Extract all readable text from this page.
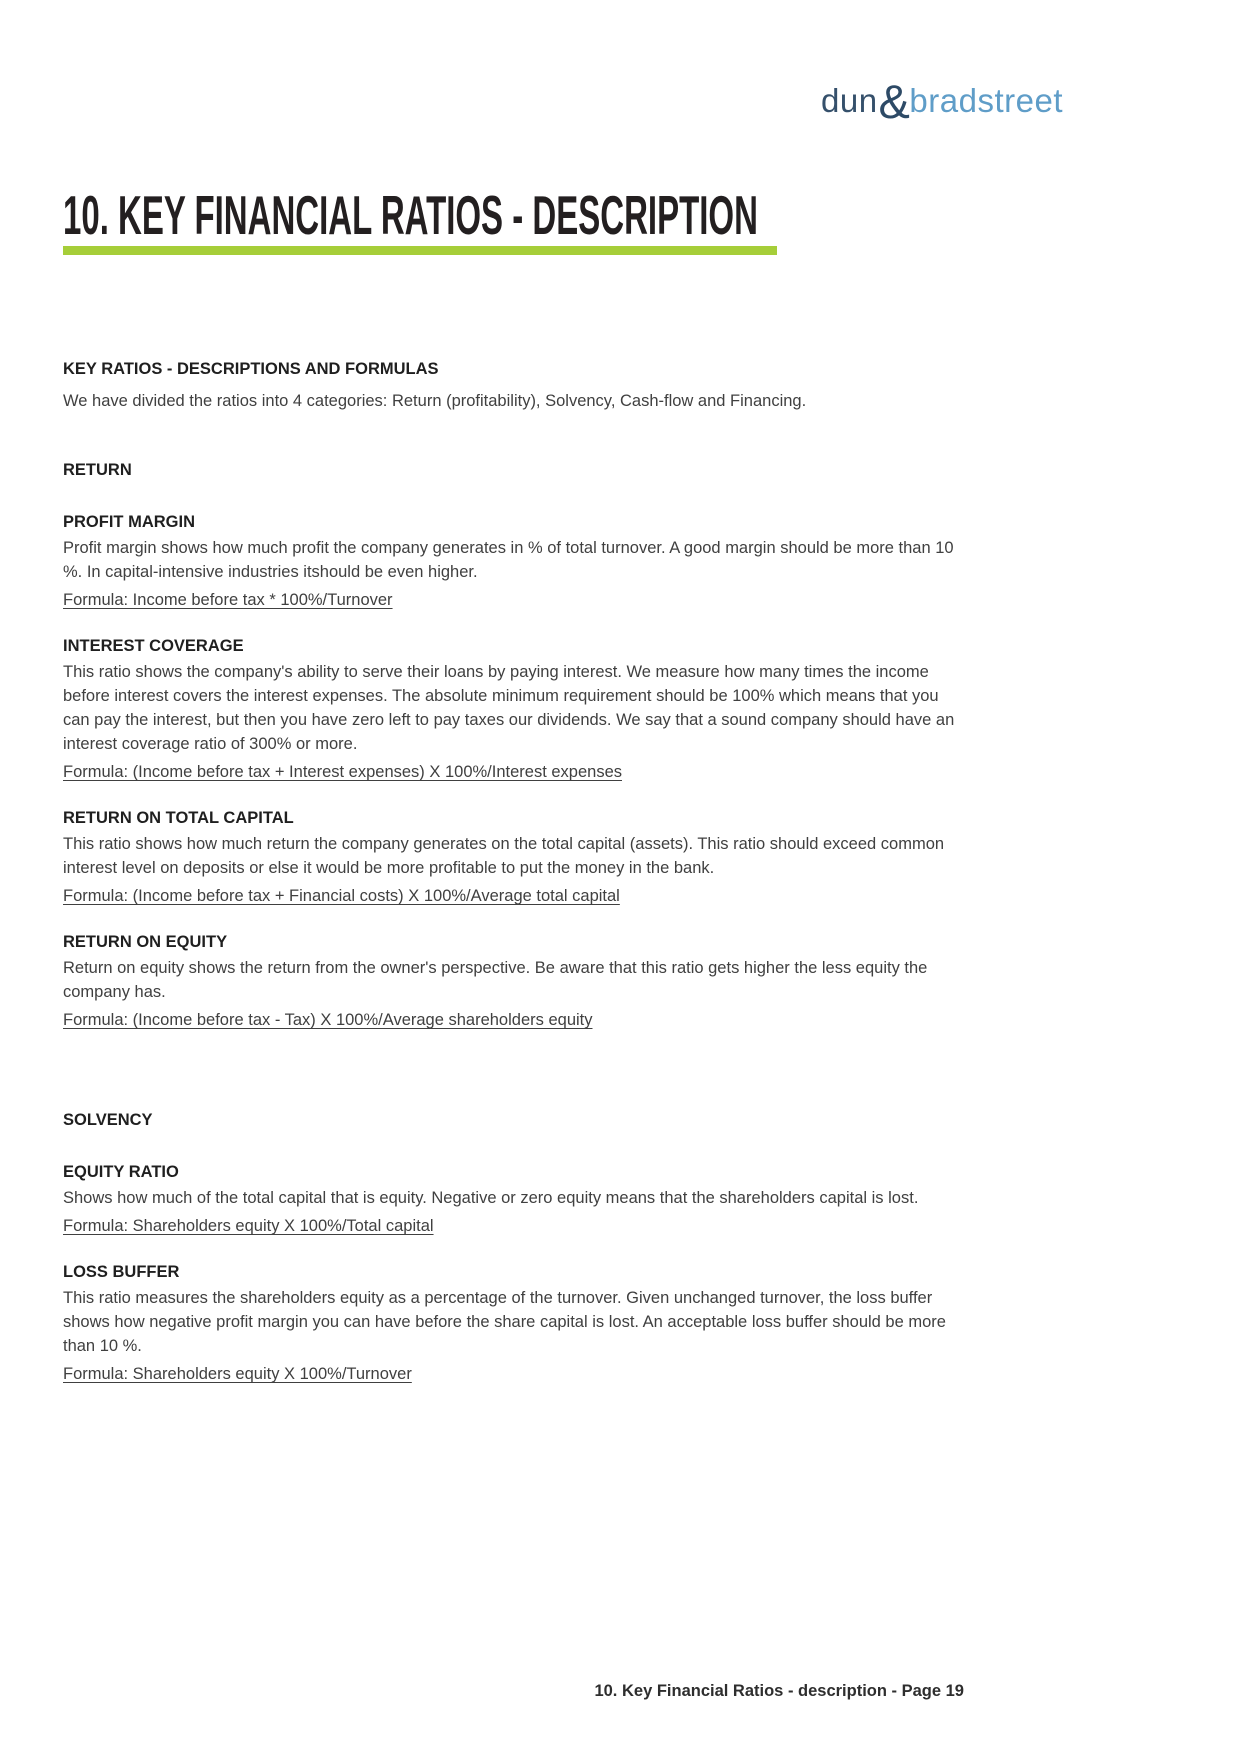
dun&bradstreet
10. KEY FINANCIAL RATIOS - DESCRIPTION
KEY RATIOS - DESCRIPTIONS AND FORMULAS

We have divided the ratios into 4 categories: Return (profitability), Solvency, Cash-flow and Financing.

RETURN
PROFIT MARGIN

Profit margin shows how much profit the company generates in % of total turnover. A good margin should be more than 10 %. In capital-intensive industries itshould be even higher.

Formula: Income before tax * 100%/Turnover

INTEREST COVERAGE

This ratio shows the company's ability to serve their loans by paying interest. We measure how many times the income before interest covers the interest expenses. The absolute minimum requirement should be 100% which means that you can pay the interest, but then you have zero left to pay taxes our dividends. We say that a sound company should have an interest coverage ratio of 300% or more.

Formula: (Income before tax + Interest expenses) X 100%/Interest expenses

RETURN ON TOTAL CAPITAL

This ratio shows how much return the company generates on the total capital (assets). This ratio should exceed common interest level on deposits or else it would be more profitable to put the money in the bank.

Formula: (Income before tax + Financial costs) X 100%/Average total capital

RETURN ON EQUITY

Return on equity shows the return from the owner's perspective. Be aware that this ratio gets higher the less equity the company has.

Formula: (Income before tax - Tax) X 100%/Average shareholders equity

SOLVENCY
EQUITY RATIO

Shows how much of the total capital that is equity. Negative or zero equity means that the shareholders capital is lost.

Formula: Shareholders equity X 100%/Total capital

LOSS BUFFER

This ratio measures the shareholders equity as a percentage of the turnover. Given unchanged turnover, the loss buffer shows how negative profit margin you can have before the share capital is lost. An acceptable loss buffer should be more than 10 %.

Formula: Shareholders equity X 100%/Turnover

10. Key Financial Ratios - description - Page 19
